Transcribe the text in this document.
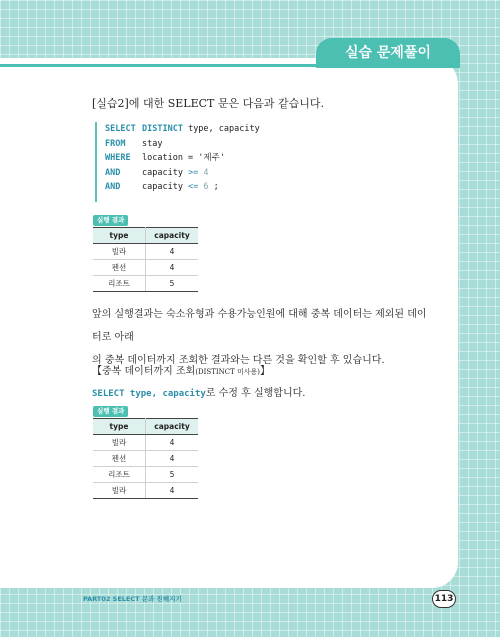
실습 문제풀이
[실습2]에 대한 SELECT 문은 다음과 같습니다.
SELECT DISTINCT type, capacity
FROM stay
WHERE location = '제주'
AND	capacity >= 4
AND	capacity <= 6 ;
실행 결과
type	capacity
빌라	4
펜션	4
리조트	5
앞의 실행결과는 숙소유형과 수용가능인원에 대해 중복 데이터는 제외된 데이터로 아래
의 중복 데이터까지 조회한 결과와는 다른 것을 확인할 후 있습니다.
【중복 데이터까지 조회(DISTINCT 미사용)】
SELECT type, capacity로 수정 후 실행합니다.
실행 결과
type	capacity
빌라	4
펜션	4
리조트	5
빌라	4
PART02 SELECT 문과 친해지기	113
